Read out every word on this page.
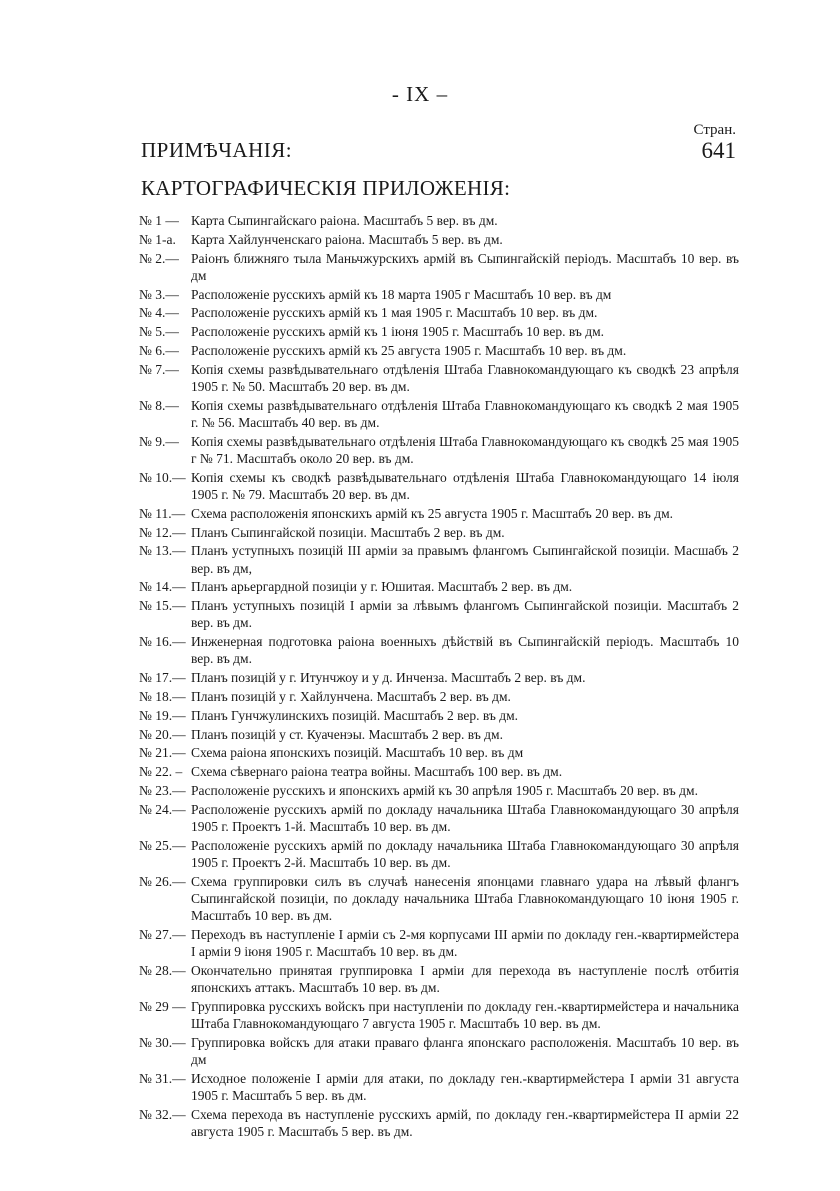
- IX –
Стран.
ПРИМѢЧАНІЯ:	641
КАРТОГРАФИЧЕСКІЯ ПРИЛОЖЕНІЯ:
№ 1 — Карта Сыпингайскаго раіона. Масштабъ 5 вер. въ дм.
№ 1-а.	Карта Хайлунченскаго раіона. Масштабъ 5 вер. въ дм.
№ 2.— Раіонъ ближняго тыла Маньчжурскихъ армій въ Сыпингайскій періодъ. Масштабъ 10 вер. въ дм
№ 3.— Расположеніе русскихъ армій къ 18 марта 1905 г Масштабъ 10 вер. въ дм
№ 4.— Расположеніе русскихъ армій къ 1 мая 1905 г. Масштабъ 10 вер. въ дм.
№ 5.— Расположеніе русскихъ армій къ 1 іюня 1905 г. Масштабъ 10 вер. въ дм.
№ 6.— Расположеніе русскихъ армій къ 25 августа 1905 г. Масштабъ 10 вер. въ дм.
№ 7.— Копія схемы развѣдывательнаго отдѣленія Штаба Главнокомандующаго къ сводкѣ 23 апрѣля 1905 г. № 50. Масштабъ 20 вер. въ дм.
№ 8.— Копія схемы развѣдывательнаго отдѣленія Штаба Главнокомандующаго къ сводкѣ 2 мая 1905 г. № 56. Масштабъ 40 вер. въ дм.
№ 9.— Копія схемы развѣдывательнаго отдѣленія Штаба Главнокомандующаго къ сводкѣ 25 мая 1905 г № 71. Масштабъ около 20 вер. въ дм.
№ 10.— Копія схемы къ сводкѣ развѣдывательнаго отдѣленія Штаба Главнокомандующаго 14 іюля 1905 г. № 79. Масштабъ 20 вер. въ дм.
№ 11.— Схема расположенія японскихъ армій къ 25 августа 1905 г. Масштабъ 20 вер. въ дм.
№ 12.— Планъ Сыпингайской позиціи. Масштабъ 2 вер. въ дм.
№ 13.— Планъ уступныхъ позицій III арміи за правымъ флангомъ Сыпингайской позиціи. Масшабъ 2 вер. въ дм,
№ 14.— Планъ арьергардной позиціи у г. Юшитая. Масштабъ 2 вер. въ дм.
№ 15.— Планъ уступныхъ позицій I арміи за лѣвымъ флангомъ Сыпингайской позиціи. Масштабъ 2 вер. въ дм.
№ 16.— Инженерная подготовка раіона военныхъ дѣйствій въ Сыпингайскій періодъ. Масштабъ 10 вер. въ дм.
№ 17.— Планъ позицій у г. Итунчжоу и у д. Инченза. Масштабъ 2 вер. въ дм.
№ 18.— Планъ позицій у г. Хайлунчена. Масштабъ 2 вер. въ дм.
№ 19.— Планъ Гунчжулинскихъ позицій. Масштабъ 2 вер. въ дм.
№ 20.— Планъ позицій у ст. Куаченэы. Масштабъ 2 вер. въ дм.
№ 21.— Схема раіона японскихъ позицій. Масштабъ 10 вер. въ дм
№ 22. – Схема сѣвернаго раіона театра войны. Масштабъ 100 вер. въ дм.
№ 23.— Расположеніе русскихъ и японскихъ армій къ 30 апрѣля 1905 г. Масштабъ 20 вер. въ дм.
№ 24.— Расположеніе русскихъ армій по докладу начальника Штаба Главнокомандующаго 30 апрѣля 1905 г. Проектъ 1-й. Масштабъ 10 вер. въ дм.
№ 25.— Расположеніе русскихъ армій по докладу начальника Штаба Главнокомандующаго 30 апрѣля 1905 г. Проектъ 2-й. Масштабъ 10 вер. въ дм.
№ 26.— Схема группировки силъ въ случаѣ нанесенія японцами главнаго удара на лѣвый флангъ Сыпингайской позиціи, по докладу начальника Штаба Главнокомандующаго 10 іюня 1905 г. Масштабъ 10 вер. въ дм.
№ 27.— Переходъ въ наступленіе I арміи съ 2-мя корпусами III арміи по докладу ген.-квартирмейстера I арміи 9 іюня 1905 г. Масштабъ 10 вер. въ дм.
№ 28.— Окончательно принятая группировка I арміи для перехода въ наступленіе послѣ отбитія японскихъ аттакъ. Масштабъ 10 вер. въ дм.
№ 29 — Группировка русскихъ войскъ при наступленіи по докладу ген.-квартирмейстера и начальника Штаба Главнокомандующаго 7 августа 1905 г. Масштабъ 10 вер. въ дм.
№ 30.— Группировка войскъ для атаки праваго фланга японскаго расположенія. Масштабъ 10 вер. въ дм
№ 31.— Исходное положеніе I арміи для атаки, по докладу ген.-квартирмейстера I арміи 31 августа 1905 г. Масштабъ 5 вер. въ дм.
№ 32.— Схема перехода въ наступленіе русскихъ армій, по докладу ген.-квартирмейстера II арміи 22 августа 1905 г. Масштабъ 5 вер. въ дм.
